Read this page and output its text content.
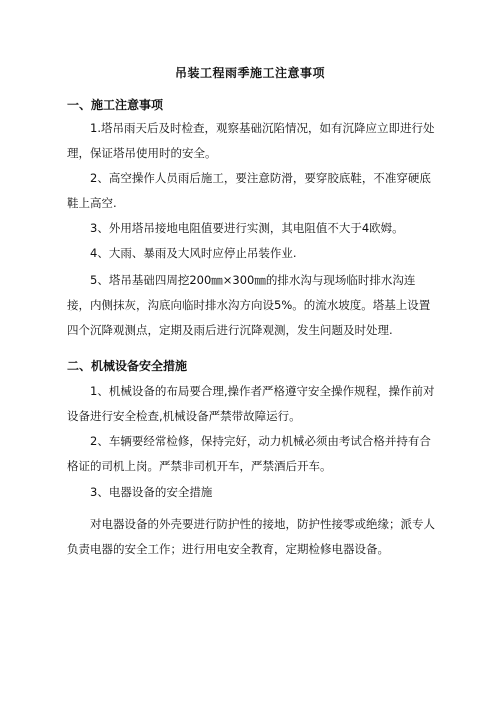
吊装工程雨季施工注意事项
一、施工注意事项

1.塔吊雨天后及时检查，观察基础沉陷情况，如有沉降应立即进行处理，保证塔吊使用时的安全。

2、高空操作人员雨后施工，要注意防滑，要穿胶底鞋，不准穿硬底鞋上高空.

3、外用塔吊接地电阻值要进行实测，其电阻值不大于4欧姆。

4、大雨、暴雨及大风时应停止吊装作业.

5、塔吊基础四周挖200㎜×300㎜的排水沟与现场临时排水沟连接，内侧抹灰，沟底向临时排水沟方向设5%。的流水坡度。塔基上设置四个沉降观测点，定期及雨后进行沉降观测，发生问题及时处理.

二、机械设备安全措施

1、机械设备的布局要合理,操作者严格遵守安全操作规程，操作前对设备进行安全检查,机械设备严禁带故障运行。

2、车辆要经常检修，保持完好，动力机械必须由考试合格并持有合格证的司机上岗。严禁非司机开车，严禁酒后开车。

3、电器设备的安全措施

对电器设备的外壳要进行防护性的接地，防护性接零或绝缘；派专人负责电器的安全工作；进行用电安全教育，定期检修电器设备。
